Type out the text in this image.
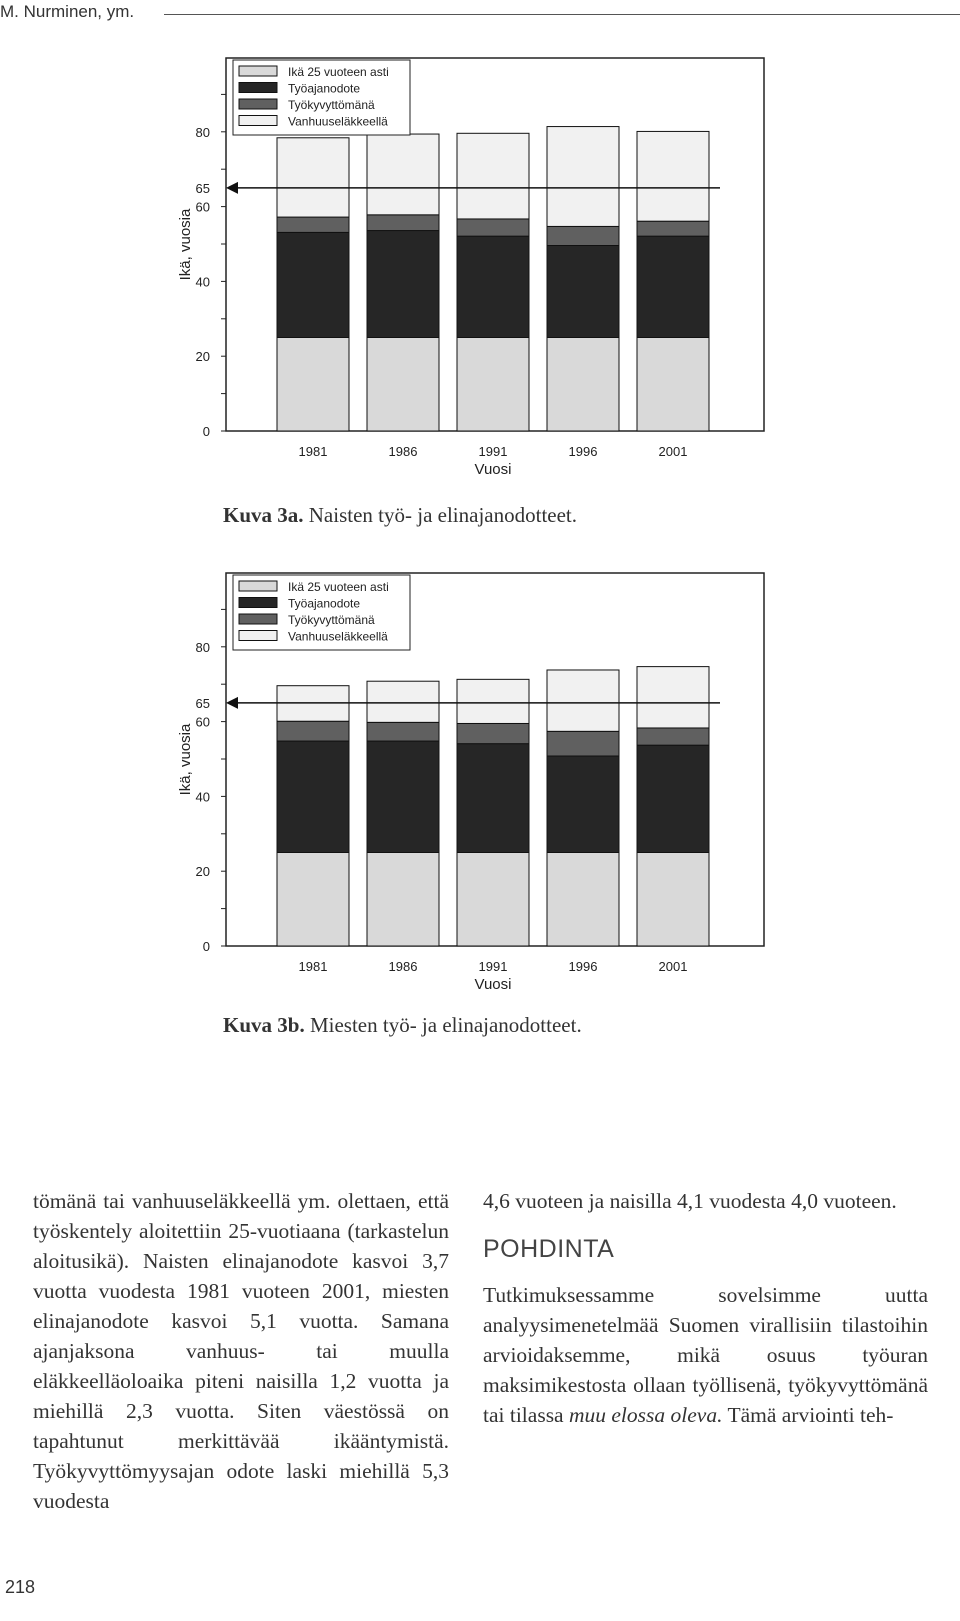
M. Nurminen, ym.
0
20
40
60
65
80
Ikä, vuosia
1981	1986	1991	1996	2001
Vuosi
Ikä 25 vuoteen asti
Työajanodote
Työkyvyttömänä
Vanhuuseläkkeellä
Kuva 3a. Naisten työ- ja elinajanodotteet.
0
20
40
60
65
80
Ikä, vuosia
1981	1986	1991	1996	2001
Vuosi
Ikä 25 vuoteen asti
Työajanodote
Työkyvyttömänä
Vanhuuseläkkeellä
Kuva 3b. Miesten työ- ja elinajanodotteet.

tömänä tai vanhuuseläkkeellä ym. olettaen, että työskentely aloitettiin 25-vuotiaana (tarkastelun aloitusikä). Naisten elinajanodote kasvoi 3,7 vuotta vuodesta 1981 vuoteen 2001, miesten elinajanodote kasvoi 5,1 vuotta. Samana ajanjaksona vanhuus- tai muulla eläkkeelläoloaika piteni naisilla 1,2 vuotta ja miehillä 2,3 vuotta. Siten väestössä on tapahtunut merkittävää ikääntymistä. Työkyvyttömyysajan odote laski miehillä 5,3 vuodesta

4,6 vuoteen ja naisilla 4,1 vuodesta 4,0 vuoteen.

POHDINTA

Tutkimuksessamme sovelsimme uutta analyysimenetelmää Suomen virallisiin tilastoihin arvioidaksemme, mikä osuus työuran maksimikestosta ollaan työllisenä, työkyvyttömänä tai tilassa muu elossa oleva. Tämä arviointi teh-

218
